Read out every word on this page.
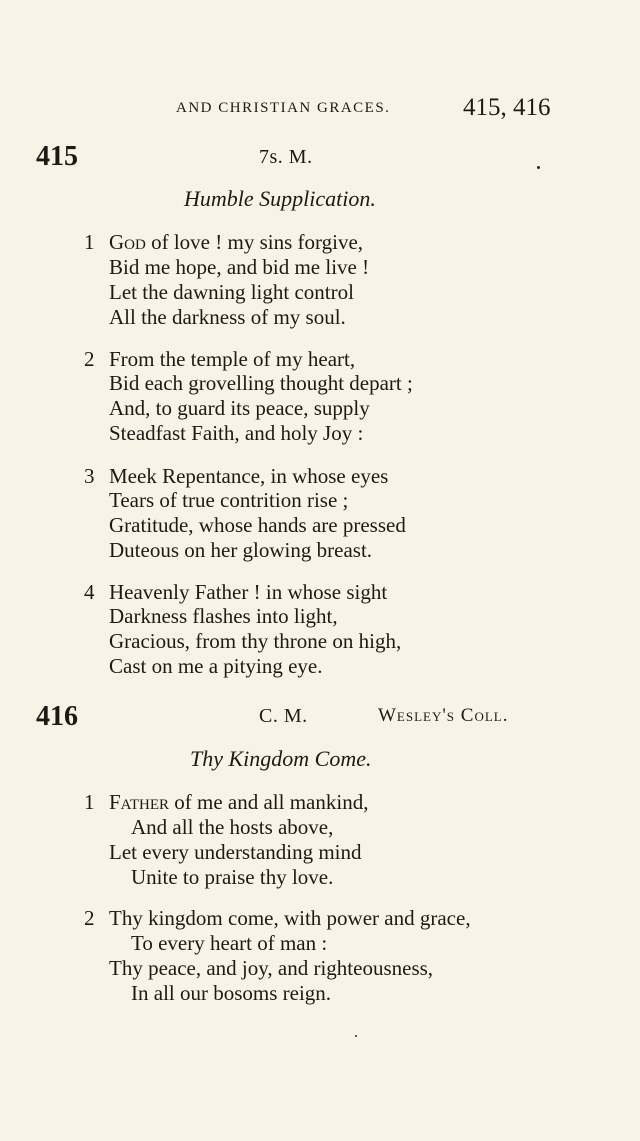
AND CHRISTIAN GRACES.	415, 416
415	7s. M.
Humble Supplication.
1 God of love ! my sins forgive,
Bid me hope, and bid me live !
Let the dawning light control
All the darkness of my soul.
2 From the temple of my heart,
Bid each grovelling thought depart ;
And, to guard its peace, supply
Steadfast Faith, and holy Joy :
3 Meek Repentance, in whose eyes
Tears of true contrition rise ;
Gratitude, whose hands are pressed
Duteous on her glowing breast.
4 Heavenly Father ! in whose sight
Darkness flashes into light,
Gracious, from thy throne on high,
Cast on me a pitying eye.
416	C. M.	Wesley's Coll.
Thy Kingdom Come.
1 Father of me and all mankind,
And all the hosts above,
Let every understanding mind
Unite to praise thy love.
2 Thy kingdom come, with power and grace,
To every heart of man :
Thy peace, and joy, and righteousness,
In all our bosoms reign.
